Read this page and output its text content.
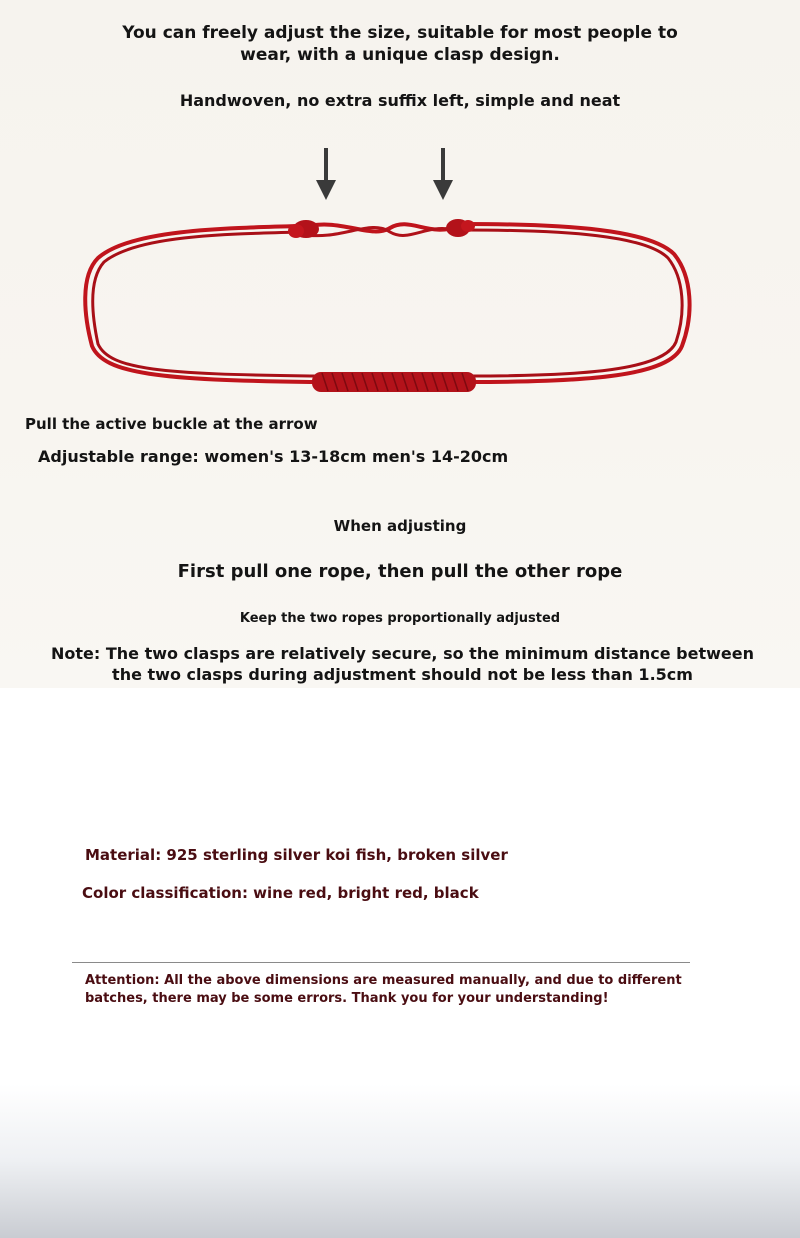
You can freely adjust the size, suitable for most people to wear, with a unique clasp design.

Handwoven, no extra suffix left, simple and neat

Pull the active buckle at the arrow

Adjustable range: women's 13-18cm men's 14-20cm

When adjusting

First pull one rope, then pull the other rope

Keep the two ropes proportionally adjusted

Note: The two clasps are relatively secure, so the minimum distance between the two clasps during adjustment should not be less than 1.5cm

Material: 925 sterling silver koi fish, broken silver

Color classification: wine red, bright red, black

Attention: All the above dimensions are measured manually, and due to different batches, there may be some errors. Thank you for your understanding!
